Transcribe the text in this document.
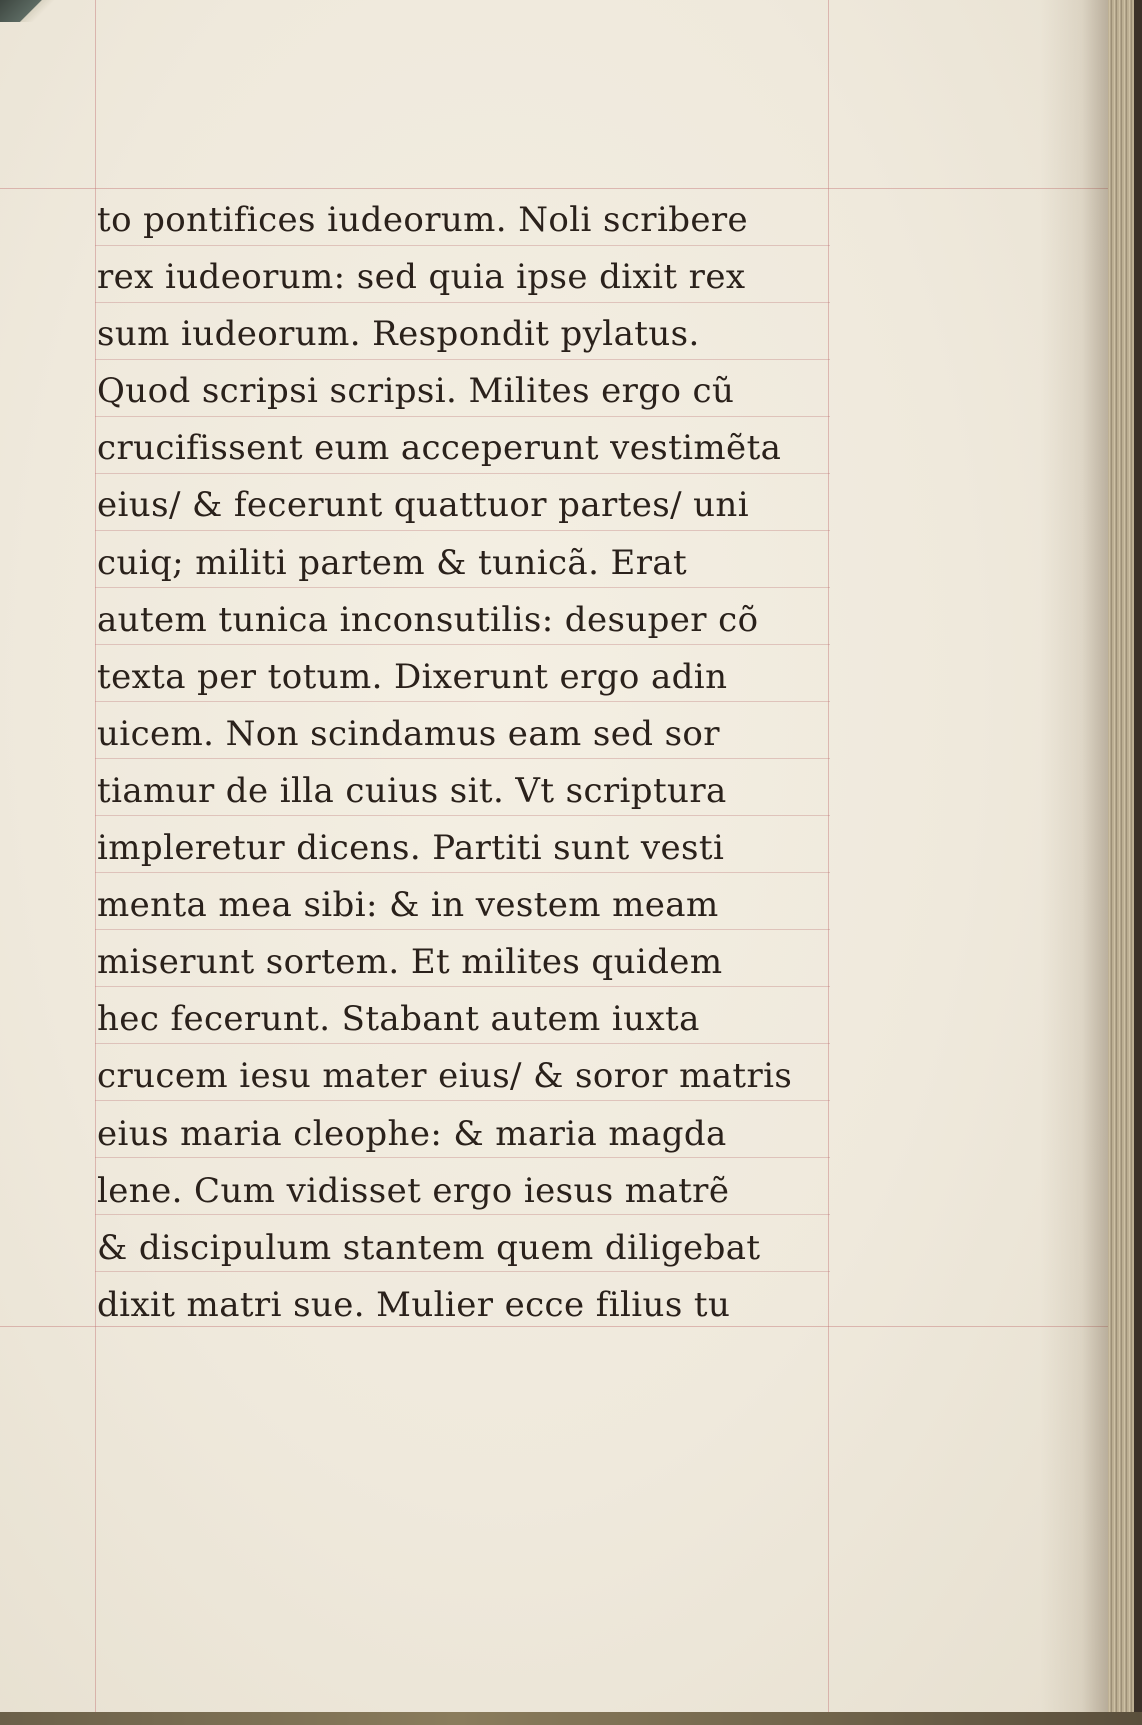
to pontifices iudeorum. Noli scribere
rex iudeorum: sed quia ipse dixit rex
sum iudeorum. Respondit pylatus.
Quod scripsi scripsi. Milites ergo cũ
crucifissent eum acceperunt vestimẽta
eius/ & fecerunt quattuor partes/ uni
cuiq; militi partem & tunicã. Erat
autem tunica inconsutilis: desuper cõ
texta per totum. Dixerunt ergo adin
uicem. Non scindamus eam sed sor
tiamur de illa cuius sit. Vt scriptura
impleretur dicens. Partiti sunt vesti
menta mea sibi: & in vestem meam
miserunt sortem. Et milites quidem
hec fecerunt. Stabant autem iuxta
crucem iesu mater eius/ & soror matris
eius maria cleophe: & maria magda
lene. Cum vidisset ergo iesus matrẽ
& discipulum stantem quem diligebat
dixit matri sue. Mulier ecce filius tu
